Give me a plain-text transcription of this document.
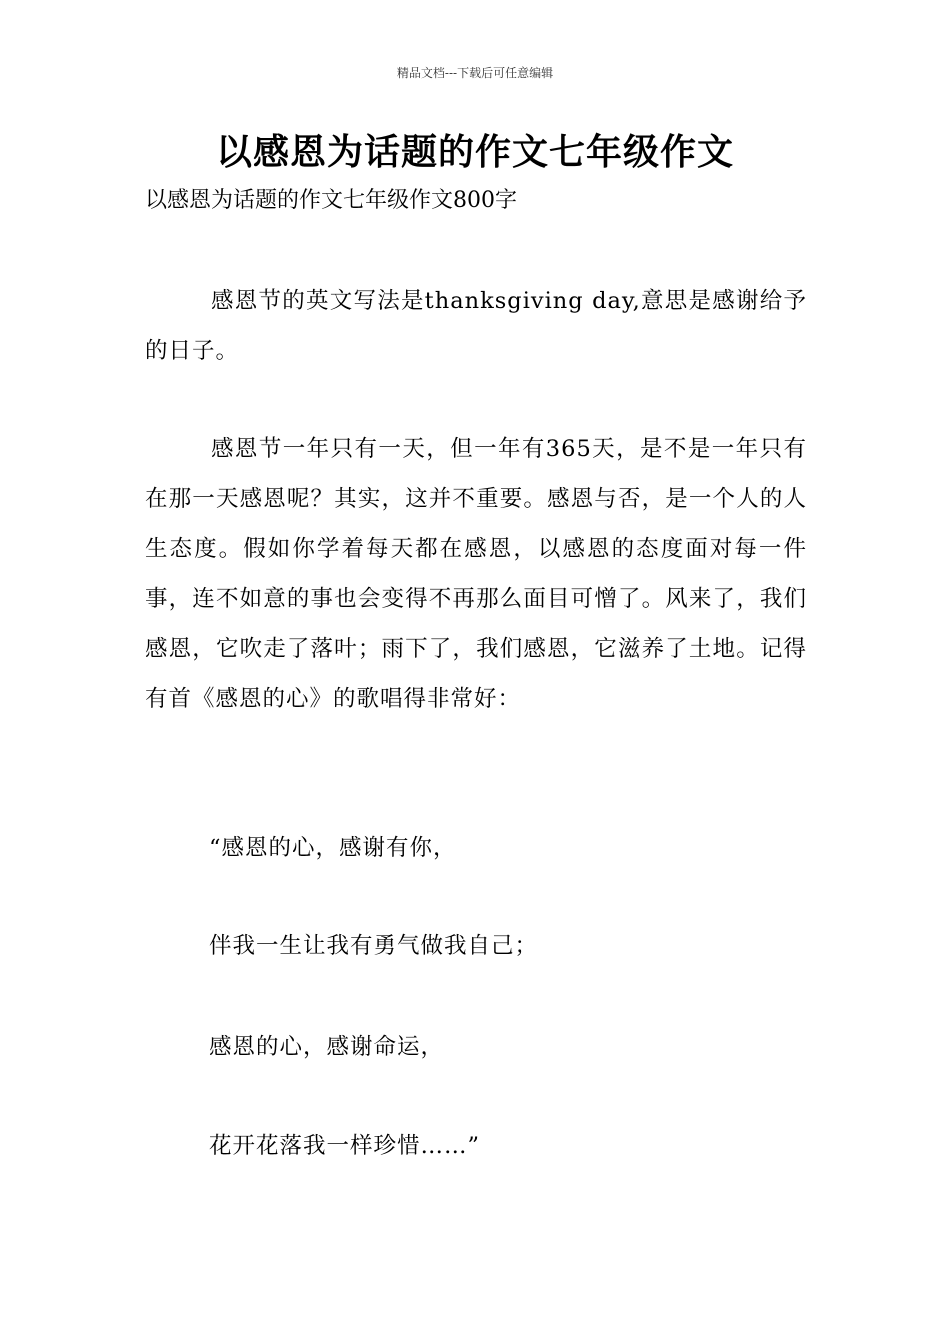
精品文档---下载后可任意编辑
以感恩为话题的作文七年级作文
以感恩为话题的作文七年级作文800字
感恩节的英文写法是thanksgiving day,意思是感谢给予的日子。
感恩节一年只有一天，但一年有365天，是不是一年只有在那一天感恩呢？其实，这并不重要。感恩与否，是一个人的人生态度。假如你学着每天都在感恩，以感恩的态度面对每一件事，连不如意的事也会变得不再那么面目可憎了。风来了，我们感恩，它吹走了落叶；雨下了，我们感恩，它滋养了土地。记得有首《感恩的心》的歌唱得非常好：
“感恩的心，感谢有你，
伴我一生让我有勇气做我自己；
感恩的心，感谢命运，
花开花落我一样珍惜……”
